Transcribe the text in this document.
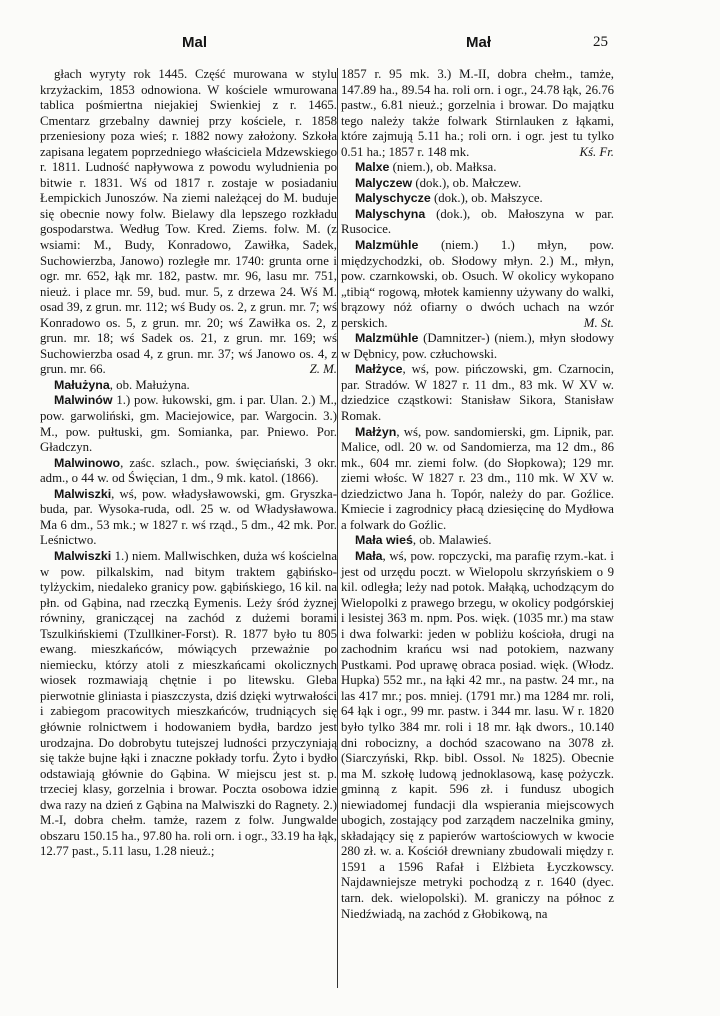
Mal	Mał	25

głach wyryty rok 1445. Część murowana w stylu krzyżackim, 1853 odnowiona. W kościele wmurowana tablica pośmiertna niejakiej Swienkiej z r. 1465. Cmentarz grzebalny dawniej przy kościele, r. 1858 przeniesiony poza wieś; r. 1882 nowy założony. Szkoła zapisana legatem poprzedniego właściciela Mdzewskiego r. 1811. Ludność napływowa z powodu wyludnienia po bitwie r. 1831. Wś od 1817 r. zostaje w posiadaniu Łempickich Junoszów. Na ziemi należącej do M. buduje się obecnie nowy folw. Bielawy dla lepszego rozkładu gospodarstwa. Według Tow. Kred. Ziems. folw. M. (z wsiami: M., Budy, Konradowo, Zawiłka, Sadek, Suchowierzba, Janowo) rozległe mr. 1740: grunta orne i ogr. mr. 652, łąk mr. 182, pastw. mr. 96, lasu mr. 751, nieuż. i place mr. 59, bud. mur. 5, z drzewa 24. Wś M. osad 39, z grun. mr. 112; wś Budy os. 2, z grun. mr. 7; wś Konradowo os. 5, z grun. mr. 20; wś Zawiłka os. 2, z grun. mr. 18; wś Sadek os. 21, z grun. mr. 169; wś Suchowierzba osad 4, z grun. mr. 37; wś Janowo os. 4, z grun. mr. 66.	Z. M.

Małużyna, ob. Małużyna.

Malwinów 1.) pow. łukowski, gm. i par. Ulan. 2.) M., pow. garwoliński, gm. Maciejowice, par. Wargocin. 3.) M., pow. pułtuski, gm. Somianka, par. Pniewo. Por. Gładczyn.

Malwinowo, zaśc. szlach., pow. święciański, 3 okr. adm., o 44 w. od Święcian, 1 dm., 9 mk. katol. (1866).

Malwiszki, wś, pow. władysławowski, gm. Gryszka-buda, par. Wysoka-ruda, odl. 25 w. od Władysławowa. Ma 6 dm., 53 mk.; w 1827 r. wś rząd., 5 dm., 42 mk. Por. Leśnictwo.

Malwiszki 1.) niem. Mallwischken, duża wś kościelna w pow. pilkalskim, nad bitym traktem gąbińsko-tylżyckim, niedaleko granicy pow. gąbińskiego, 16 kil. na płn. od Gąbina, nad rzeczką Eymenis. Leży śród żyznej równiny, graniczącej na zachód z dużemi borami Tszulkińskiemi (Tzullkiner-Forst). R. 1877 było tu 805 ewang. mieszkańców, mówiących przeważnie po niemiecku, którzy atoli z mieszkańcami okolicznych wiosek rozmawiają chętnie i po litewsku. Gleba pierwotnie gliniasta i piaszczysta, dziś dzięki wytrwałości i zabiegom pracowitych mieszkańców, trudniących się głównie rolnictwem i hodowaniem bydła, bardzo jest urodzajna. Do dobrobytu tutejszej ludności przyczyniają się także bujne łąki i znaczne pokłady torfu. Żyto i bydło odstawiają głównie do Gąbina. W miejscu jest st. p. trzeciej klasy, gorzelnia i browar. Poczta osobowa idzie dwa razy na dzień z Gąbina na Malwiszki do Ragnety. 2.) M.-I, dobra chełm. tamże, razem z folw. Jungwalde obszaru 150.15 ha., 97.80 ha. roli orn. i ogr., 33.19 ha łąk, 12.77 past., 5.11 lasu, 1.28 nieuż.;

1857 r. 95 mk. 3.) M.-II, dobra chełm., tamże, 147.89 ha., 89.54 ha. roli orn. i ogr., 24.78 łąk, 26.76 pastw., 6.81 nieuż.; gorzelnia i browar. Do majątku tego należy także folwark Stirnlauken z łąkami, które zajmują 5.11 ha.; roli orn. i ogr. jest tu tylko 0.51 ha.; 1857 r. 148 mk.	Kś. Fr.

Malxe (niem.), ob. Małksa.

Malyczew (dok.), ob. Małczew.

Malyschycze (dok.), ob. Małszyce.

Malyschyna (dok.), ob. Małoszyna w par. Rusocice.

Malzmühle (niem.) 1.) młyn, pow. międzychodzki, ob. Słodowy młyn. 2.) M., młyn, pow. czarnkowski, ob. Osuch. W okolicy wykopano „tibią“ rogową, młotek kamienny używany do walki, brązowy nóż ofiarny o dwóch uchach na wzór perskich.	M. St.

Malzmühle (Damnitzer-) (niem.), młyn słodowy w Dębnicy, pow. człuchowski.

Małżyce, wś, pow. pińczowski, gm. Czarnocin, par. Stradów. W 1827 r. 11 dm., 83 mk. W XV w. dziedzice cząstkowi: Stanisław Sikora, Stanisław Romak.

Małżyn, wś, pow. sandomierski, gm. Lipnik, par. Malice, odl. 20 w. od Sandomierza, ma 12 dm., 86 mk., 604 mr. ziemi folw. (do Słopkowa); 129 mr. ziemi włośc. W 1827 r. 23 dm., 110 mk. W XV w. dziedzictwo Jana h. Topór, należy do par. Goźlice. Kmiecie i zagrodnicy płacą dziesięcinę do Mydłowa a folwark do Goźlic.

Mała wieś, ob. Malawieś.

Mała, wś, pow. ropczycki, ma parafię rzym.-kat. i jest od urzędu poczt. w Wielopolu skrzyńskiem o 9 kil. odległa; leży nad potok. Małąką, uchodzącym do Wielopolki z prawego brzegu, w okolicy podgórskiej i lesistej 363 m. npm. Pos. więk. (1035 mr.) ma staw i dwa folwarki: jeden w pobliżu kościoła, drugi na zachodnim krańcu wsi nad potokiem, nazwany Pustkami. Pod uprawę obraca posiad. więk. (Włodz. Hupka) 552 mr., na łąki 42 mr., na pastw. 24 mr., na las 417 mr.; pos. mniej. (1791 mr.) ma 1284 mr. roli, 64 łąk i ogr., 99 mr. pastw. i 344 mr. lasu. W r. 1820 było tylko 384 mr. roli i 18 mr. łąk dwors., 10.140 dni robocizny, a dochód szacowano na 3078 zł. (Siarczyński, Rkp. bibl. Ossol. № 1825). Obecnie ma M. szkołę ludową jednoklasową, kasę pożyczk. gminną z kapit. 596 zł. i fundusz ubogich niewiadomej fundacji dla wspierania miejscowych ubogich, zostający pod zarządem naczelnika gminy, składający się z papierów wartościowych w kwocie 280 zł. w. a. Kościół drewniany zbudowali między r. 1591 a 1596 Rafał i Elżbieta Łyczkowscy. Najdawniejsze metryki pochodzą z r. 1640 (dyec. tarn. dek. wielopolski). M. graniczy na północ z Niedźwiadą, na zachód z Głobikową, na
